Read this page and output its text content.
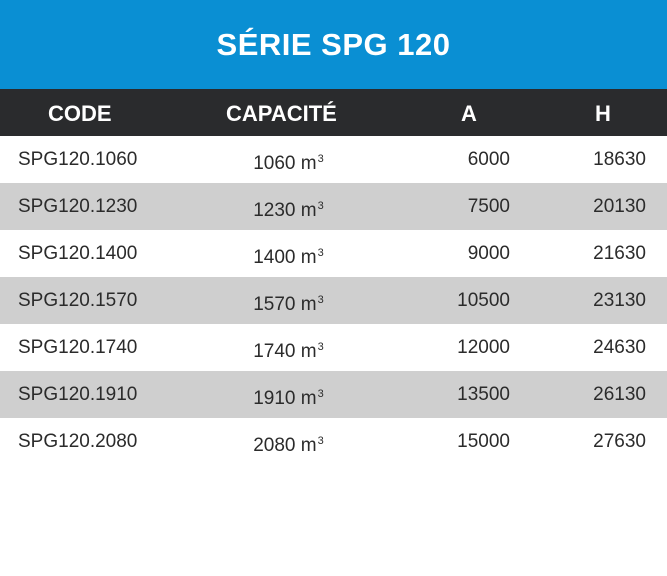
SÉRIE SPG 120
CODE	CAPACITÉ	A	H
SPG120.1060	1060 $m^3$	6000	18630
SPG120.1230	1230 $m^3$	7500	20130
SPG120.1400	1400 $m^3$	9000	21630
SPG120.1570	1570 $m^3$	10500	23130
SPG120.1740	1740 $m^3$	12000	24630
SPG120.1910	1910 $m^3$	13500	26130
SPG120.2080	2080 $m^3$	15000	27630
